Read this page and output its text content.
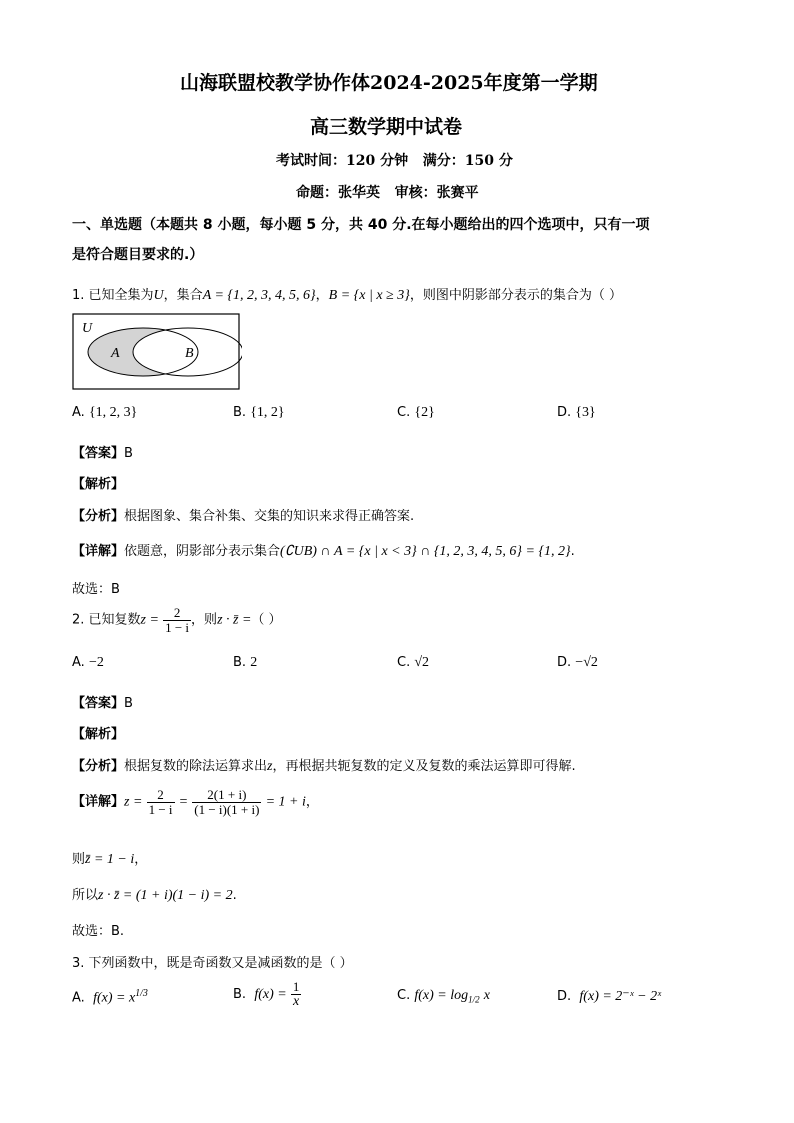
山海联盟校教学协作体2024-2025年度第一学期
高三数学期中试卷
考试时间：120 分钟   满分：150 分
命题：张华英   审核：张赛平
一、单选题（本题共 8 小题，每小题 5 分，共 40 分.在每小题给出的四个选项中，只有一项
是符合题目要求的.）
1. 已知全集为U，集合A = {1, 2, 3, 4, 5, 6}，B = {x | x ≥ 3}，则图中阴影部分表示的集合为（ ）
U
A	B
A. {1, 2, 3}	B. {1, 2}	C. {2}	D. {3}
【答案】B
【解析】
【分析】根据图象、集合补集、交集的知识来求得正确答案.
【详解】依题意，阴影部分表示集合(∁UB) ∩ A = {x | x < 3} ∩ {1, 2, 3, 4, 5, 6} = {1, 2}.
故选：B
2. 已知复数$z = \frac{2}{1 - i}$ ，则z · z̄ =（ ）
A. −2	B. 2	C. √2	D. −√2
【答案】B
【解析】
【分析】根据复数的除法运算求出z，再根据共轭复数的定义及复数的乘法运算即可得解.
【详解】$z = \frac{2}{1 - i} = \frac{2(1 + i)}{(1 - i)(1 + i)} = 1 + i$，
则z̄ = 1 − i，
所以z · z̄ = (1 + i)(1 − i) = 2.
故选：B.
3. 下列函数中，既是奇函数又是减函数的是（ ）
A. $f(x) = x^{1/3}$	B. $f(x) = \frac{1}{x}$	C. $f(x) = \log_{1/2} x$	D. f(x) = 2⁻ˣ − 2ˣ
